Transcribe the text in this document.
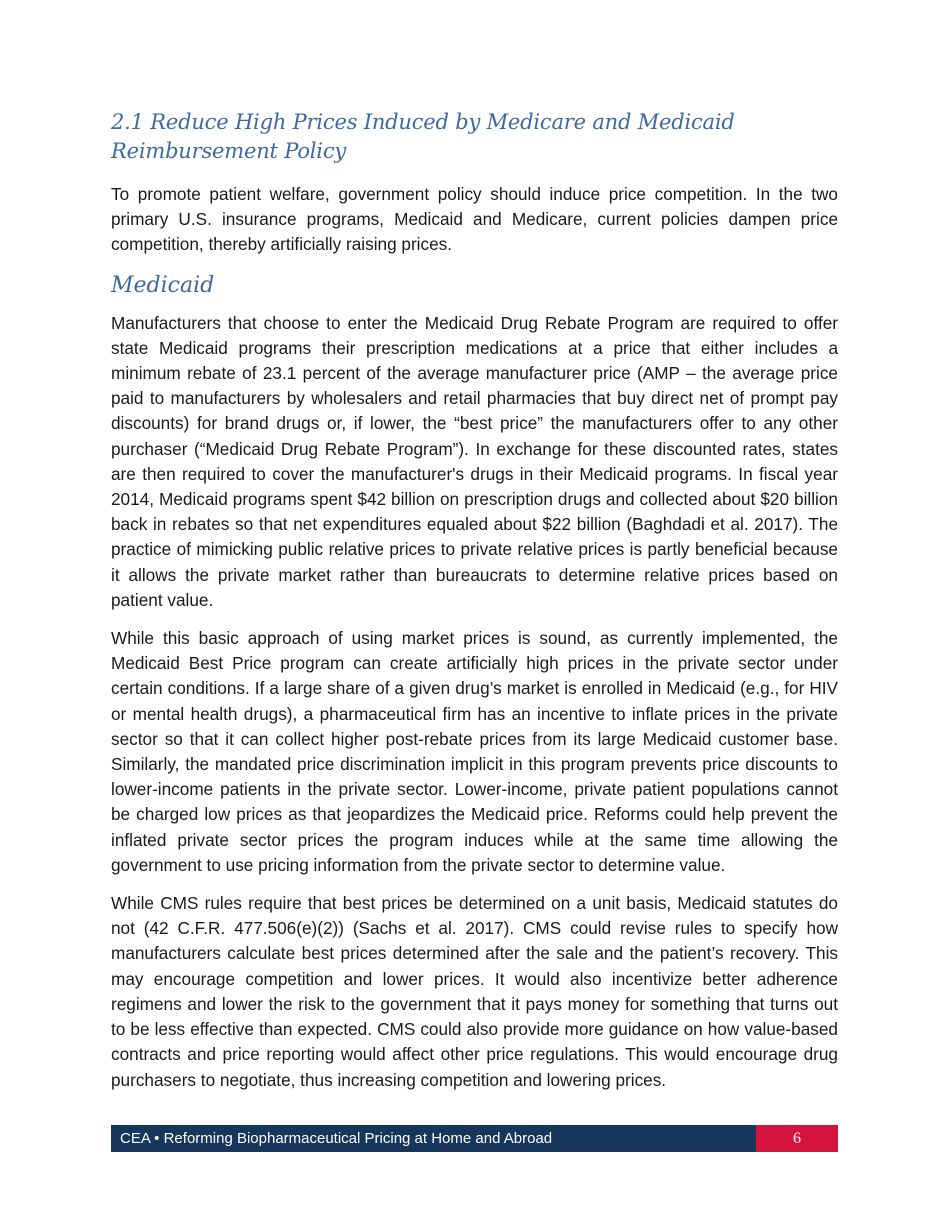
2.1 Reduce High Prices Induced by Medicare and Medicaid Reimbursement Policy

To promote patient welfare, government policy should induce price competition. In the two primary U.S. insurance programs, Medicaid and Medicare, current policies dampen price competition, thereby artificially raising prices.

Medicaid

Manufacturers that choose to enter the Medicaid Drug Rebate Program are required to offer state Medicaid programs their prescription medications at a price that either includes a minimum rebate of 23.1 percent of the average manufacturer price (AMP – the average price paid to manufacturers by wholesalers and retail pharmacies that buy direct net of prompt pay discounts) for brand drugs or, if lower, the “best price” the manufacturers offer to any other purchaser (“Medicaid Drug Rebate Program”). In exchange for these discounted rates, states are then required to cover the manufacturer's drugs in their Medicaid programs. In fiscal year 2014, Medicaid programs spent $42 billion on prescription drugs and collected about $20 billion back in rebates so that net expenditures equaled about $22 billion (Baghdadi et al. 2017). The practice of mimicking public relative prices to private relative prices is partly beneficial because it allows the private market rather than bureaucrats to determine relative prices based on patient value.

While this basic approach of using market prices is sound, as currently implemented, the Medicaid Best Price program can create artificially high prices in the private sector under certain conditions. If a large share of a given drug’s market is enrolled in Medicaid (e.g., for HIV or mental health drugs), a pharmaceutical firm has an incentive to inflate prices in the private sector so that it can collect higher post-rebate prices from its large Medicaid customer base. Similarly, the mandated price discrimination implicit in this program prevents price discounts to lower-income patients in the private sector. Lower-income, private patient populations cannot be charged low prices as that jeopardizes the Medicaid price. Reforms could help prevent the inflated private sector prices the program induces while at the same time allowing the government to use pricing information from the private sector to determine value.

While CMS rules require that best prices be determined on a unit basis, Medicaid statutes do not (42 C.F.R. 477.506(e)(2)) (Sachs et al. 2017). CMS could revise rules to specify how manufacturers calculate best prices determined after the sale and the patient’s recovery. This may encourage competition and lower prices. It would also incentivize better adherence regimens and lower the risk to the government that it pays money for something that turns out to be less effective than expected. CMS could also provide more guidance on how value-based contracts and price reporting would affect other price regulations. This would encourage drug purchasers to negotiate, thus increasing competition and lowering prices.

CEA • Reforming Biopharmaceutical Pricing at Home and Abroad	6
